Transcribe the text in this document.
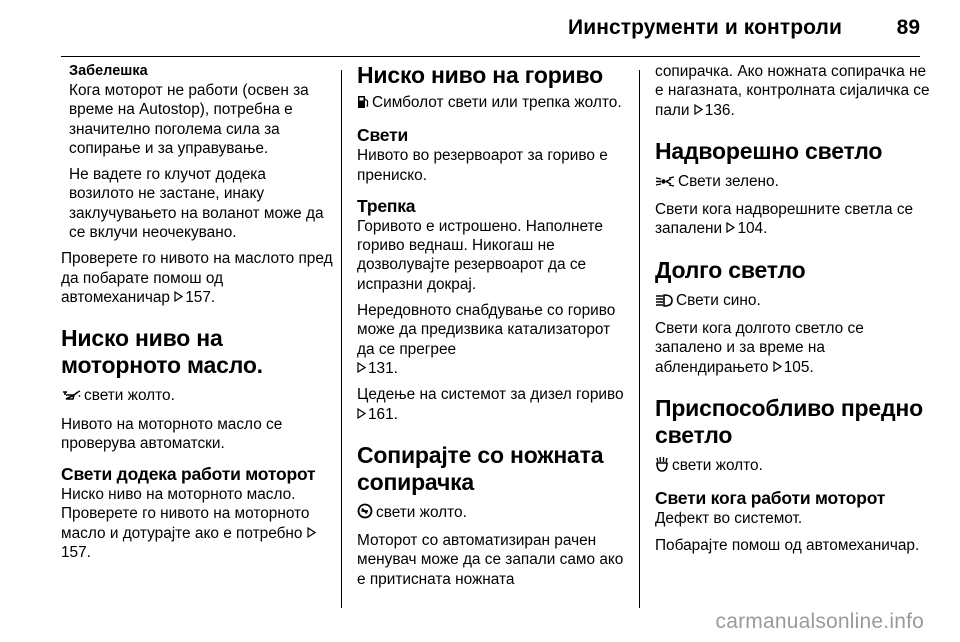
Иинструменти и контроли	89

Забелешка

Кога моторот не работи (освен за време на Autostop), потребна е значително поголема сила за сопирање и за управување.

Не вадете го клучот додека возилото не застане, инаку заклучувањето на воланот може да се вклучи неочекувано.

Проверете го нивото на маслото пред да побарате помош од автомеханичар 157.

Ниско ниво на моторното масло.

свети жолто.

Нивото на моторното масло се проверува автоматски.

Свети додека работи моторот

Ниско ниво на моторното масло. Проверете го нивото на моторното масло и дотурајте ако е потребно 157.

Ниско ниво на гориво

Симболот свети или трепка жолто.

Свети

Нивото во резервоарот за гориво е прениско.

Трепка

Горивото е истрошено. Наполнете гориво веднаш. Никогаш не дозволувајте резервоарот да се испразни докрај.

Нередовното снабдување со гориво може да предизвика катализаторот да се прегрее
131.

Цедење на системот за дизел гориво 161.

Сопирајте со ножната сопирачка

свети жолто.

Моторот со автоматизиран рачен менувач може да се запали само ако е притисната ножната

сопирачка. Ако ножната сопирачка не е нагазната, контролната сијаличка се пали 136.

Надворешно светло

Свети зелено.

Свети кога надворешните светла се запалени 104.

Долго светло

Свети сино.

Свети кога долгото светло се запалено и за време на аблендирањето 105.

Приспособливо предно светло

свети жолто.

Свети кога работи моторот

Дефект во системот.

Побарајте помош од автомеханичар.

carmanualsonline.info
